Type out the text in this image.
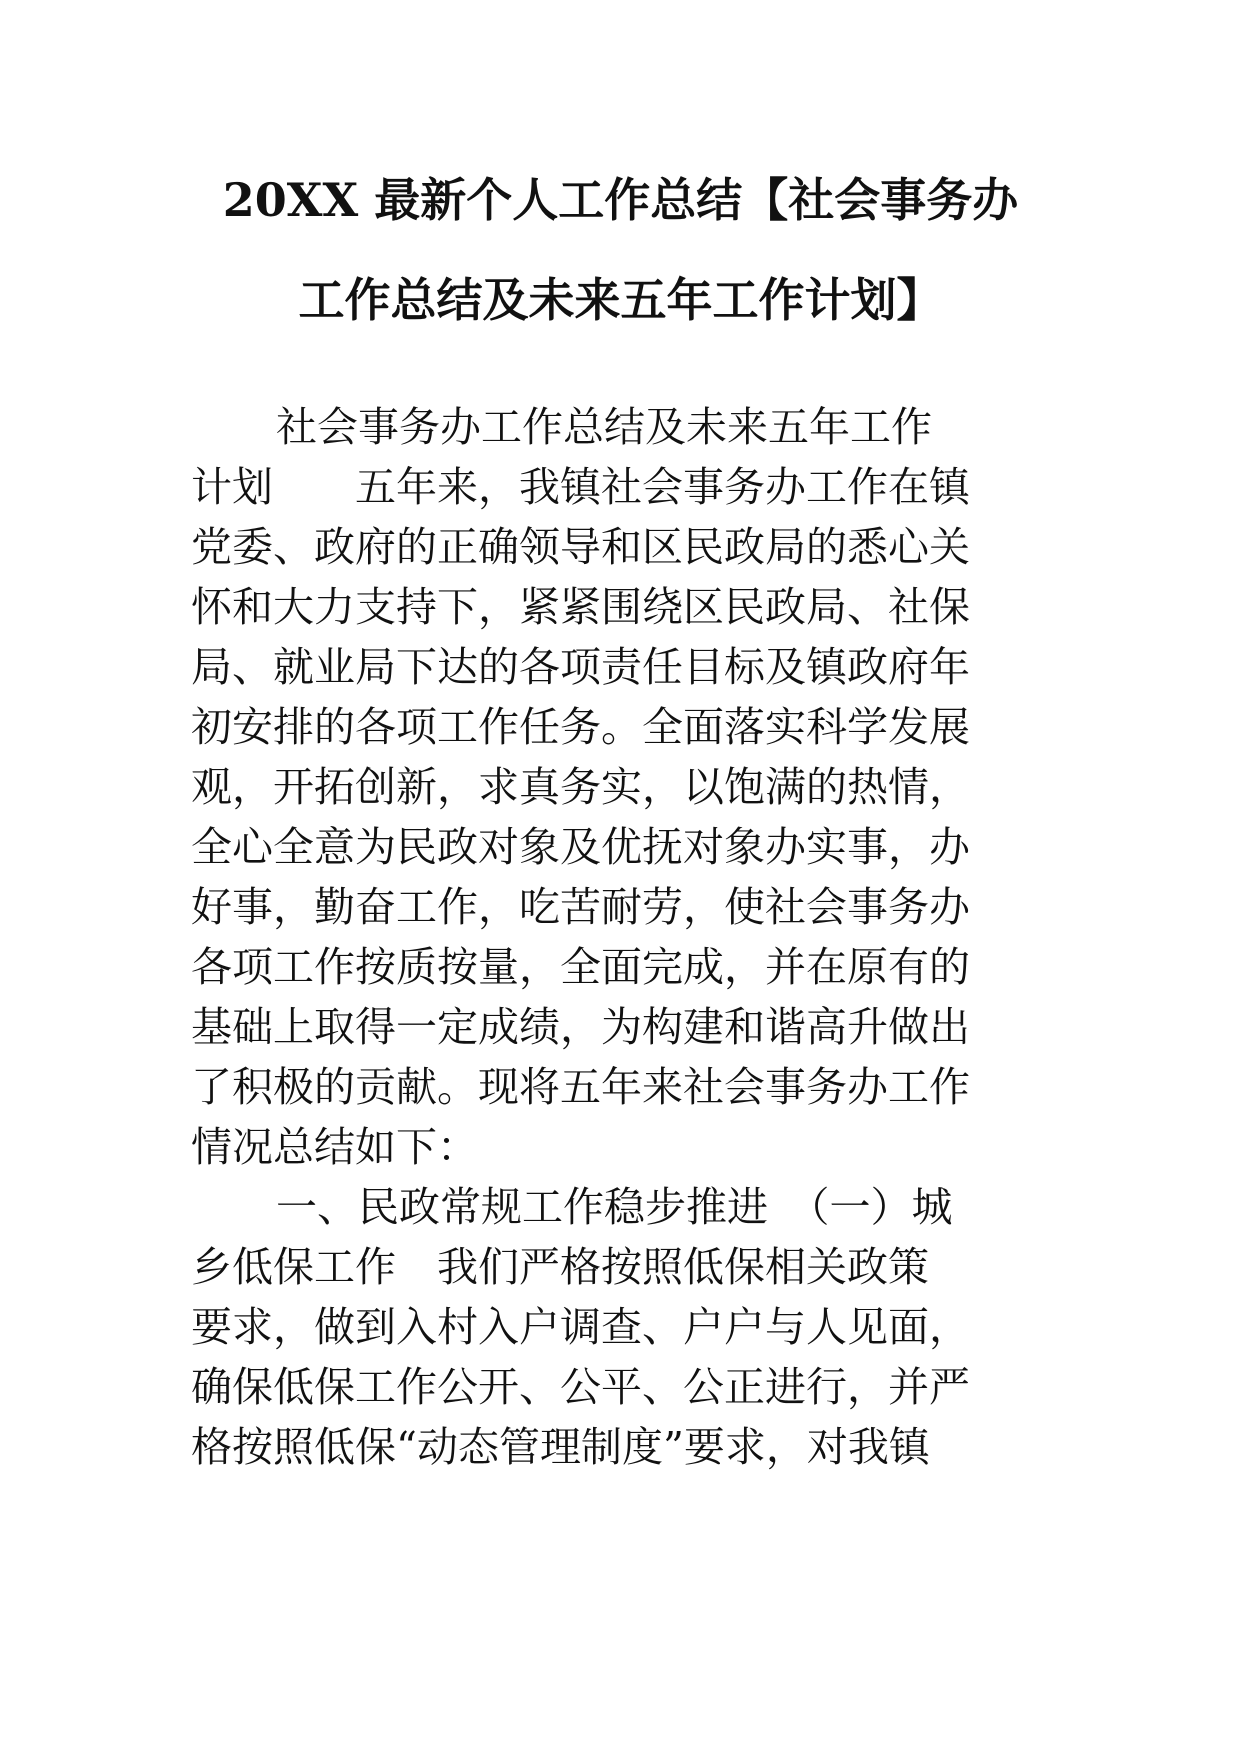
20XX 最新个人工作总结【社会事务办
工作总结及未来五年工作计划】
社会事务办工作总结及未来五年工作
计划　　五年来，我镇社会事务办工作在镇
党委、政府的正确领导和区民政局的悉心关
怀和大力支持下，紧紧围绕区民政局、社保
局、就业局下达的各项责任目标及镇政府年
初安排的各项工作任务。全面落实科学发展
观，开拓创新，求真务实，以饱满的热情，
全心全意为民政对象及优抚对象办实事，办
好事，勤奋工作，吃苦耐劳，使社会事务办
各项工作按质按量，全面完成，并在原有的
基础上取得一定成绩，为构建和谐高升做出
了积极的贡献。现将五年来社会事务办工作
情况总结如下：
一、民政常规工作稳步推进　（一）城
乡低保工作　我们严格按照低保相关政策
要求，做到入村入户调查、户户与人见面，
确保低保工作公开、公平、公正进行，并严
格按照低保“动态管理制度”要求，对我镇
